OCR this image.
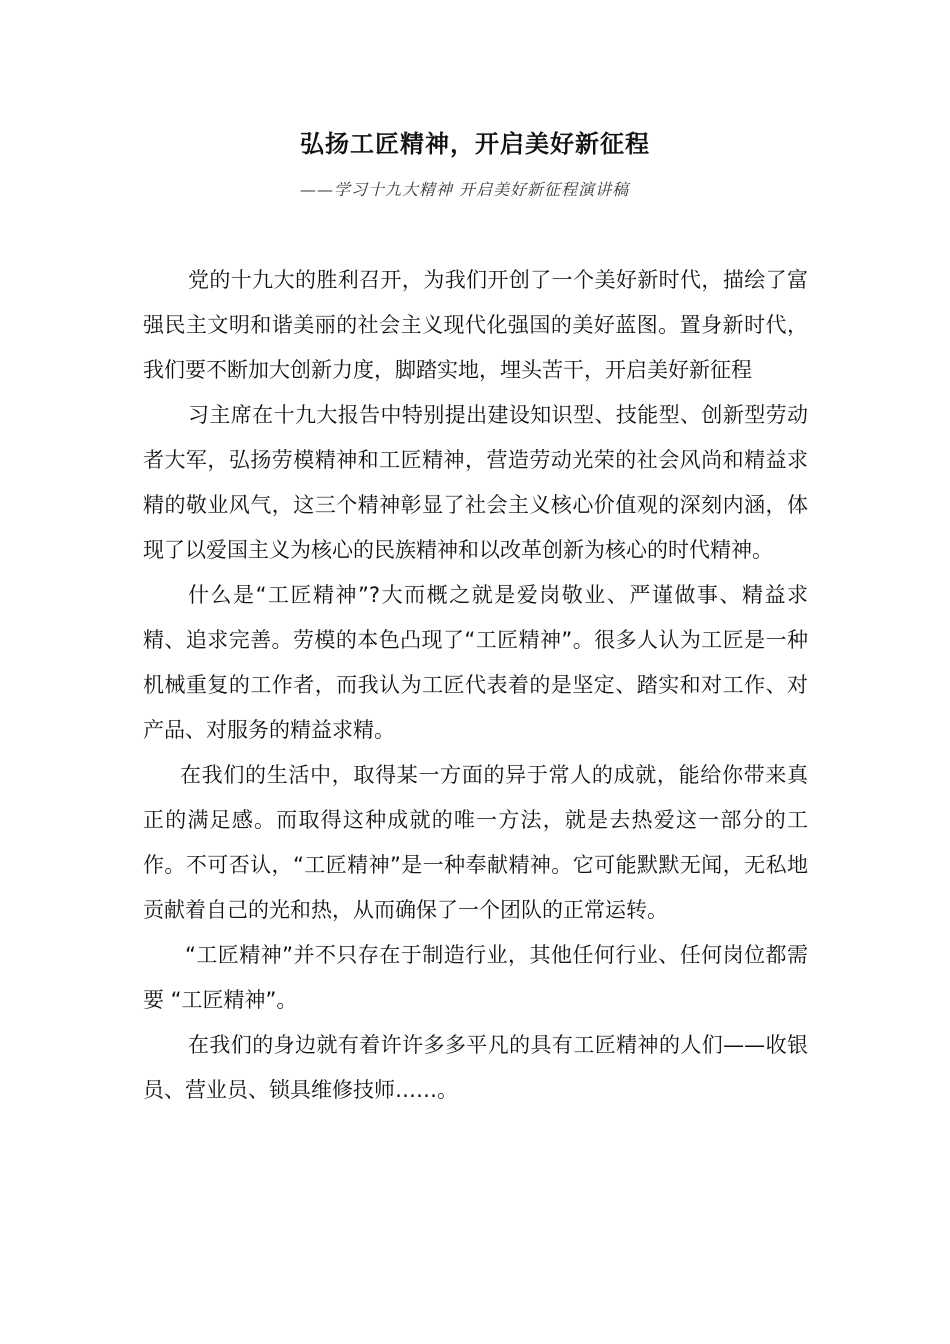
弘扬工匠精神，开启美好新征程
——学习十九大精神 开启美好新征程演讲稿

党的十九大的胜利召开，为我们开创了一个美好新时代，描绘了富强民主文明和谐美丽的社会主义现代化强国的美好蓝图。置身新时代，我们要不断加大创新力度，脚踏实地，埋头苦干，开启美好新征程

习主席在十九大报告中特别提出建设知识型、技能型、创新型劳动者大军，弘扬劳模精神和工匠精神，营造劳动光荣的社会风尚和精益求精的敬业风气，这三个精神彰显了社会主义核心价值观的深刻内涵，体现了以爱国主义为核心的民族精神和以改革创新为核心的时代精神。

什么是“工匠精神”?大而概之就是爱岗敬业、严谨做事、精益求精、追求完善。劳模的本色凸现了“工匠精神”。很多人认为工匠是一种机械重复的工作者，而我认为工匠代表着的是坚定、踏实和对工作、对产品、对服务的精益求精。

在我们的生活中，取得某一方面的异于常人的成就，能给你带来真正的满足感。而取得这种成就的唯一方法，就是去热爱这一部分的工作。不可否认，“工匠精神”是一种奉献精神。它可能默默无闻，无私地贡献着自己的光和热，从而确保了一个团队的正常运转。

“工匠精神”并不只存在于制造行业，其他任何行业、任何岗位都需要 “工匠精神”。

在我们的身边就有着许许多多平凡的具有工匠精神的人们——收银员、营业员、锁具维修技师……。
